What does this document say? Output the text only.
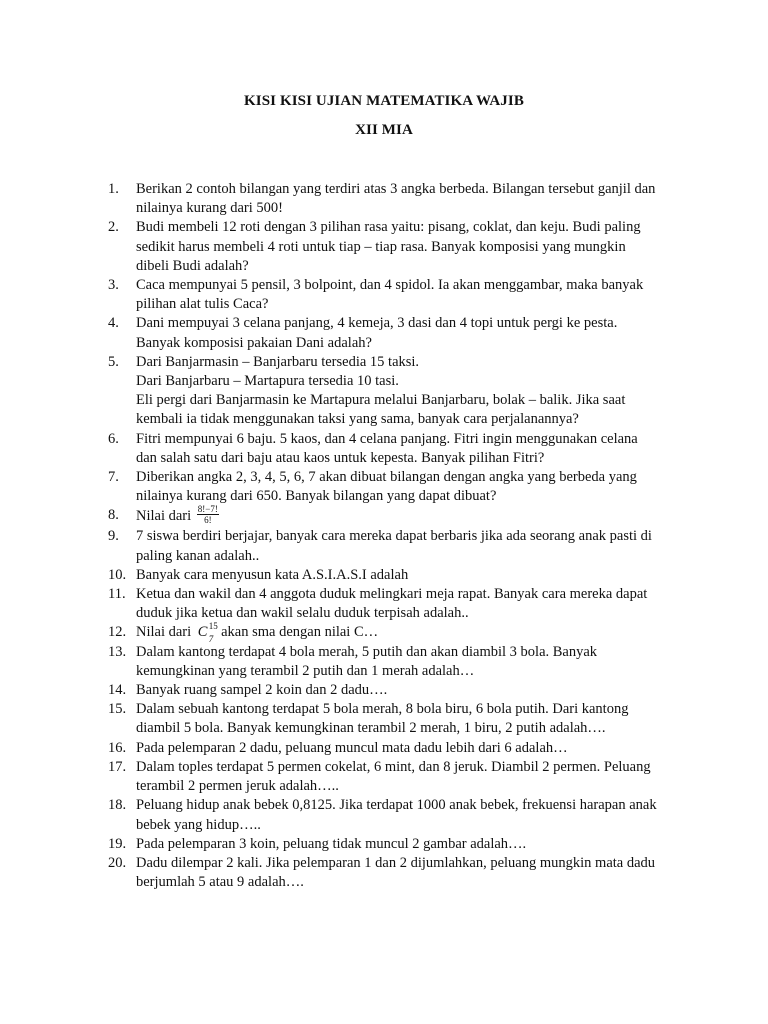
KISI KISI UJIAN MATEMATIKA WAJIB
XII MIA
1.	Berikan 2 contoh bilangan yang terdiri atas 3 angka berbeda. Bilangan tersebut ganjil dan
nilainya kurang dari 500!
2.	Budi membeli 12 roti dengan 3 pilihan rasa yaitu: pisang, coklat, dan keju. Budi paling
sedikit harus membeli 4 roti untuk tiap – tiap rasa. Banyak komposisi yang mungkin
dibeli Budi adalah?
3.	Caca mempunyai 5 pensil, 3 bolpoint, dan 4 spidol. Ia akan menggambar, maka banyak
pilihan alat tulis Caca?
4.	Dani mempuyai 3 celana panjang, 4 kemeja, 3 dasi dan 4 topi untuk pergi ke pesta.
Banyak komposisi pakaian Dani adalah?
5.	Dari Banjarmasin – Banjarbaru tersedia 15 taksi.
Dari Banjarbaru – Martapura tersedia 10 tasi.
Eli pergi dari Banjarmasin ke Martapura melalui Banjarbaru, bolak – balik. Jika saat
kembali ia tidak menggunakan taksi yang sama, banyak cara perjalanannya?
6.	Fitri mempunyai 6 baju. 5 kaos, dan 4 celana panjang. Fitri ingin menggunakan celana
dan salah satu dari baju atau kaos untuk kepesta. Banyak pilihan Fitri?
7.	Diberikan angka 2, 3, 4, 5, 6, 7 akan dibuat bilangan dengan angka yang berbeda yang
nilainya kurang dari 650. Banyak bilangan yang dapat dibuat?
8.	Nilai dari $\frac{8!-7!}{6!}$
9.	7 siswa berdiri berjajar, banyak cara mereka dapat berbaris jika ada seorang anak pasti di
paling kanan adalah..
10. Banyak cara menyusun kata A.S.I.A.S.I adalah
11. Ketua dan wakil dan 4 anggota duduk melingkari meja rapat. Banyak cara mereka dapat
duduk jika ketua dan wakil selalu duduk terpisah adalah..
12. Nilai dari C 15
7 akan sma dengan nilai C…
13. Dalam kantong terdapat 4 bola merah, 5 putih dan akan diambil 3 bola. Banyak
kemungkinan yang terambil 2 putih dan 1 merah adalah…
14. Banyak ruang sampel 2 koin dan 2 dadu….
15. Dalam sebuah kantong terdapat 5 bola merah, 8 bola biru, 6 bola putih. Dari kantong
diambil 5 bola. Banyak kemungkinan terambil 2 merah, 1 biru, 2 putih adalah….
16. Pada pelemparan 2 dadu, peluang muncul mata dadu lebih dari 6 adalah…
17. Dalam toples terdapat 5 permen cokelat, 6 mint, dan 8 jeruk. Diambil 2 permen. Peluang
terambil 2 permen jeruk adalah…..
18. Peluang hidup anak bebek 0,8125. Jika terdapat 1000 anak bebek, frekuensi harapan anak
bebek yang hidup…..
19. Pada pelemparan 3 koin, peluang tidak muncul 2 gambar adalah….
20. Dadu dilempar 2 kali. Jika pelemparan 1 dan 2 dijumlahkan, peluang mungkin mata dadu
berjumlah 5 atau 9 adalah….
